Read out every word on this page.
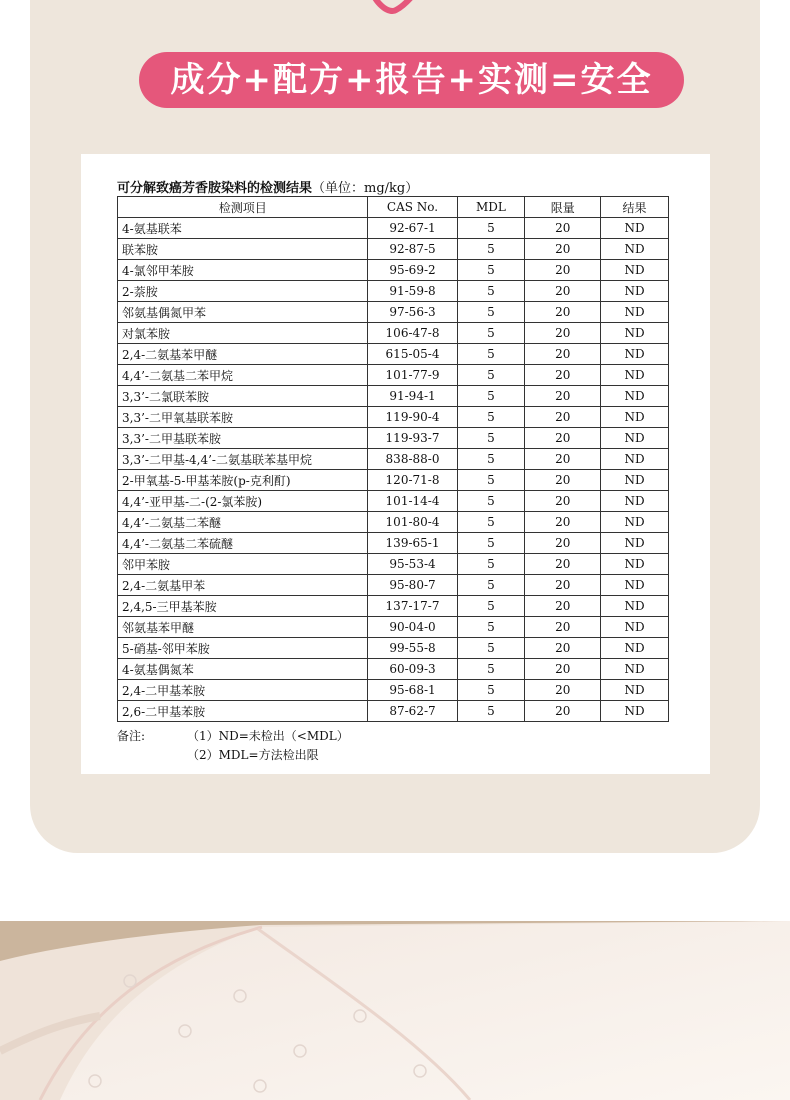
成分+配方+报告+实测=安全
可分解致癌芳香胺染料的检测结果（单位：mg/kg）
检测项目	CAS No.	MDL	限量	结果
4-氨基联苯	92-67-1	5	20	ND
联苯胺	92-87-5	5	20	ND
4-氯邻甲苯胺	95-69-2	5	20	ND
2-萘胺	91-59-8	5	20	ND
邻氨基偶氮甲苯	97-56-3	5	20	ND
对氯苯胺	106-47-8	5	20	ND
2,4-二氨基苯甲醚	615-05-4	5	20	ND
4,4’-二氨基二苯甲烷	101-77-9	5	20	ND
3,3’-二氯联苯胺	91-94-1	5	20	ND
3,3’-二甲氧基联苯胺	119-90-4	5	20	ND
3,3’-二甲基联苯胺	119-93-7	5	20	ND
3,3’-二甲基-4,4’-二氨基联苯基甲烷	838-88-0	5	20	ND
2-甲氧基-5-甲基苯胺(p-克利酊)	120-71-8	5	20	ND
4,4’-亚甲基-二-(2-氯苯胺)	101-14-4	5	20	ND
4,4’-二氨基二苯醚	101-80-4	5	20	ND
4,4’-二氨基二苯硫醚	139-65-1	5	20	ND
邻甲苯胺	95-53-4	5	20	ND
2,4-二氨基甲苯	95-80-7	5	20	ND
2,4,5-三甲基苯胺	137-17-7	5	20	ND
邻氨基苯甲醚	90-04-0	5	20	ND
5-硝基-邻甲苯胺	99-55-8	5	20	ND
4-氨基偶氮苯	60-09-3	5	20	ND
2,4-二甲基苯胺	95-68-1	5	20	ND
2,6-二甲基苯胺	87-62-7	5	20	ND
备注:	（1）ND=未检出（<MDL）
（2）MDL=方法检出限
